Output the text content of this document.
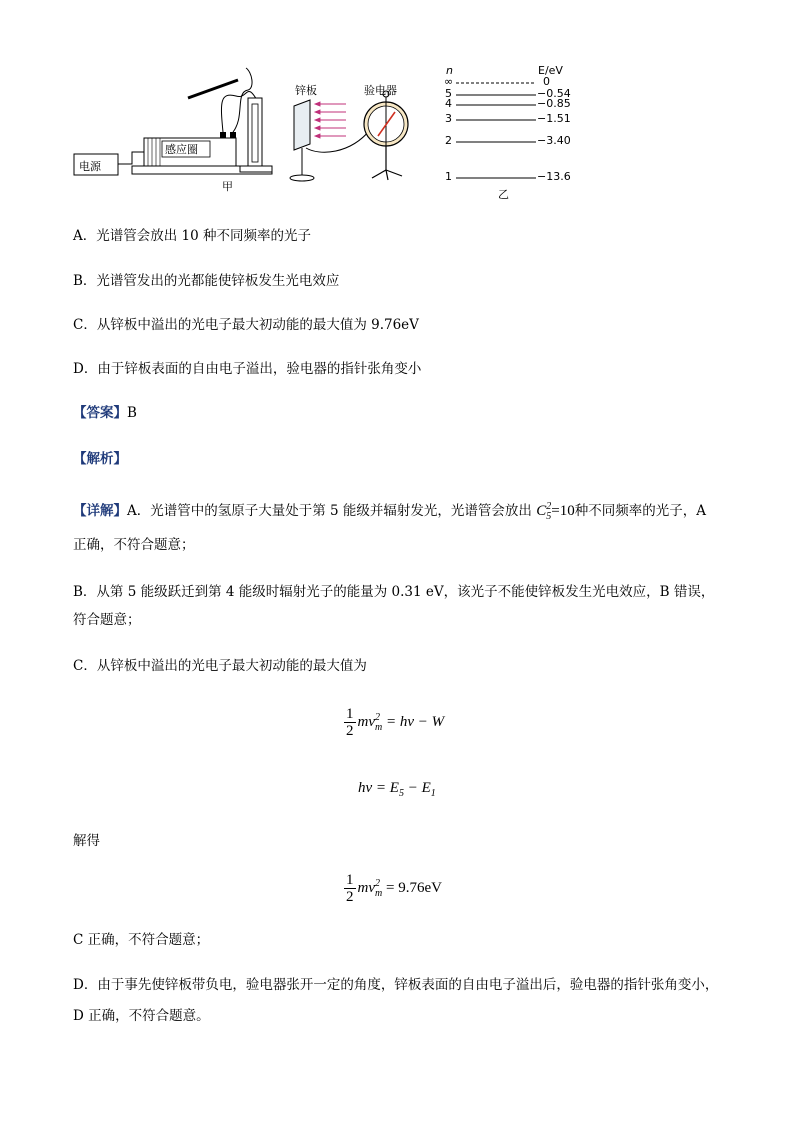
电源
感应圈
锌板	验电器
甲
n	E/eV
∞	0
5	−0.54
4	−0.85
3	−1.51
2	−3.40
1	−13.6
乙
A．光谱管会放出 10 种不同频率的光子
B．光谱管发出的光都能使锌板发生光电效应
C．从锌板中溢出的光电子最大初动能的最大值为 9.76eV
D．由于锌板表面的自由电子溢出，验电器的指针张角变小
【答案】B
【解析】
【详解】A．光谱管中的氢原子大量处于第 5 能级并辐射发光，光谱管会放出 $C_5^2=10$种不同频率的光子，A
正确，不符合题意；
B．从第 5 能级跃迁到第 4 能级时辐射光子的能量为 0.31 eV，该光子不能使锌板发生光电效应，B 错误，
符合题意；
C．从锌板中溢出的光电子最大初动能的最大值为
$\frac{1}{2} mv^2_m = h\nu - W$
$h\nu = E_5 - E_1$
解得
$\frac{1}{2} mv^2_m = 9.76eV$
C 正确，不符合题意；
D．由于事先使锌板带负电，验电器张开一定的角度，锌板表面的自由电子溢出后，验电器的指针张角变小，
D 正确，不符合题意。
